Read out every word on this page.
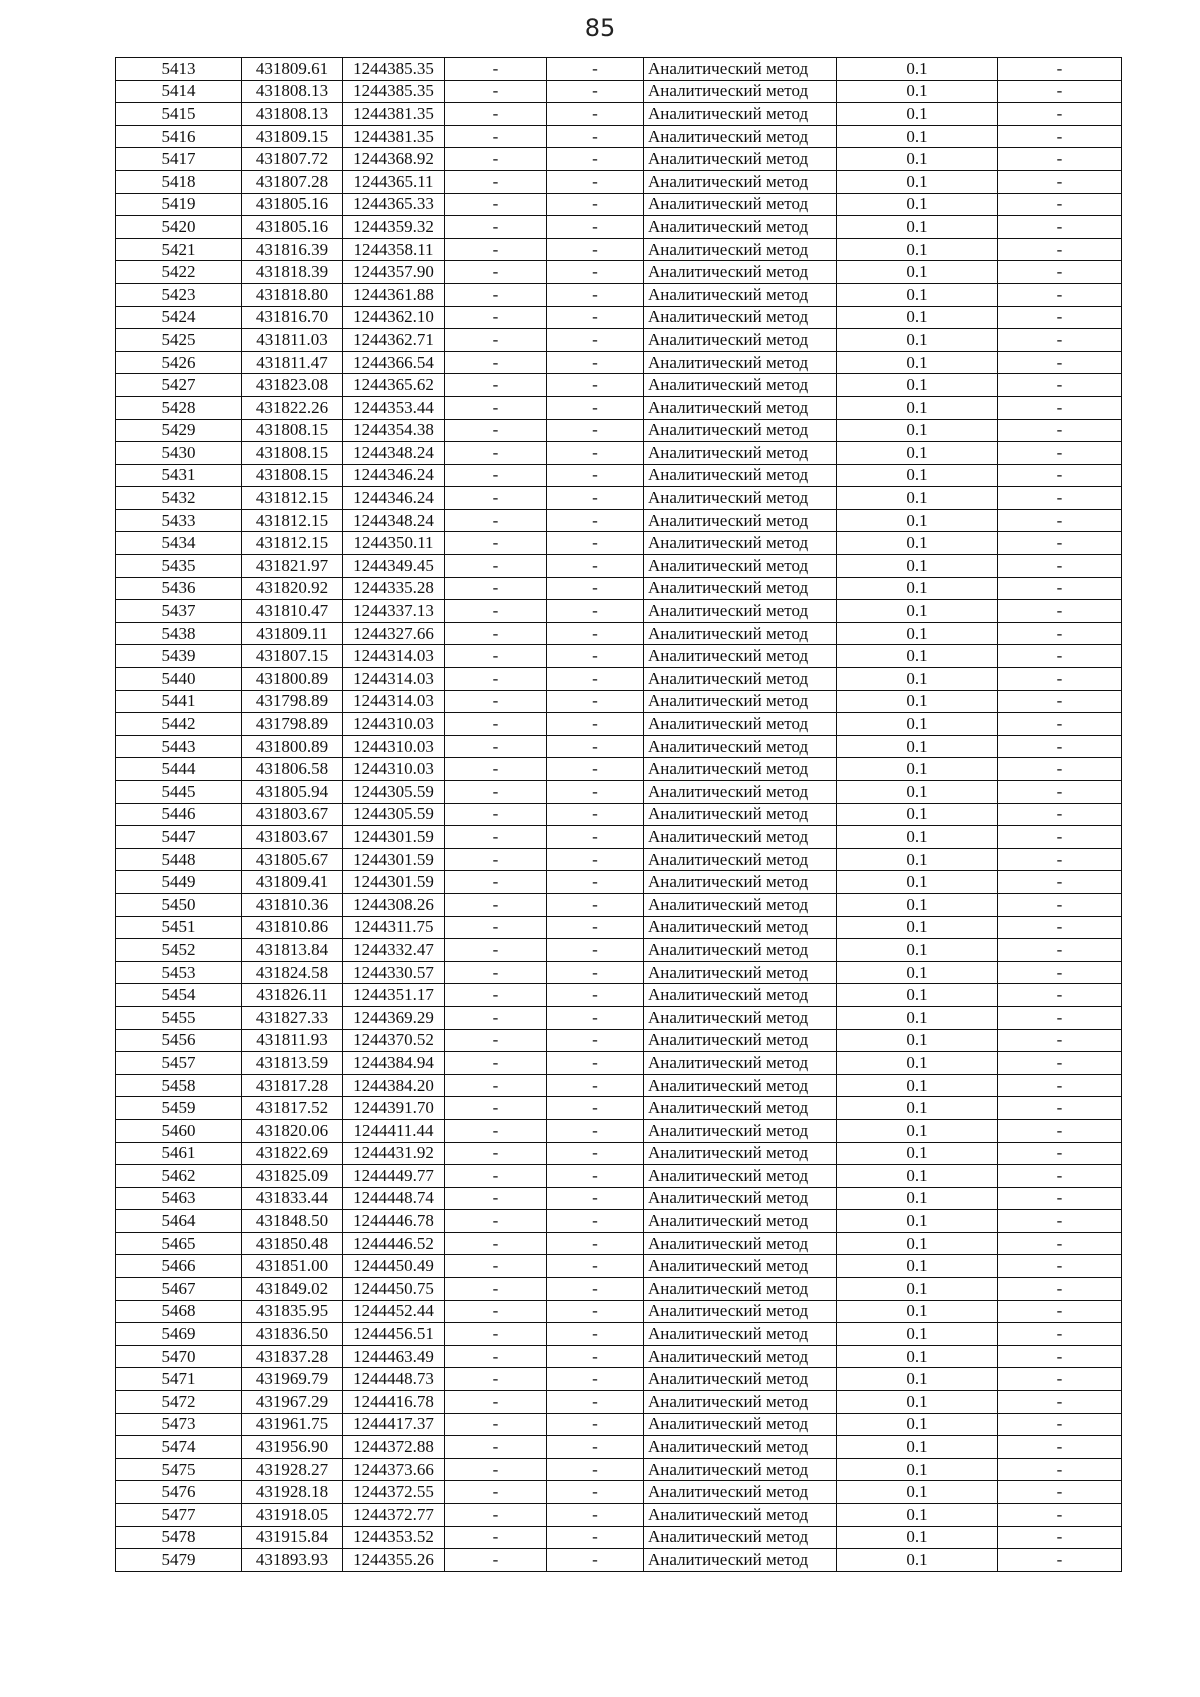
85
5413	431809.61	1244385.35	-	-	Аналитический метод	0.1	-
5414	431808.13	1244385.35	-	-	Аналитический метод	0.1	-
5415	431808.13	1244381.35	-	-	Аналитический метод	0.1	-
5416	431809.15	1244381.35	-	-	Аналитический метод	0.1	-
5417	431807.72	1244368.92	-	-	Аналитический метод	0.1	-
5418	431807.28	1244365.11	-	-	Аналитический метод	0.1	-
5419	431805.16	1244365.33	-	-	Аналитический метод	0.1	-
5420	431805.16	1244359.32	-	-	Аналитический метод	0.1	-
5421	431816.39	1244358.11	-	-	Аналитический метод	0.1	-
5422	431818.39	1244357.90	-	-	Аналитический метод	0.1	-
5423	431818.80	1244361.88	-	-	Аналитический метод	0.1	-
5424	431816.70	1244362.10	-	-	Аналитический метод	0.1	-
5425	431811.03	1244362.71	-	-	Аналитический метод	0.1	-
5426	431811.47	1244366.54	-	-	Аналитический метод	0.1	-
5427	431823.08	1244365.62	-	-	Аналитический метод	0.1	-
5428	431822.26	1244353.44	-	-	Аналитический метод	0.1	-
5429	431808.15	1244354.38	-	-	Аналитический метод	0.1	-
5430	431808.15	1244348.24	-	-	Аналитический метод	0.1	-
5431	431808.15	1244346.24	-	-	Аналитический метод	0.1	-
5432	431812.15	1244346.24	-	-	Аналитический метод	0.1	-
5433	431812.15	1244348.24	-	-	Аналитический метод	0.1	-
5434	431812.15	1244350.11	-	-	Аналитический метод	0.1	-
5435	431821.97	1244349.45	-	-	Аналитический метод	0.1	-
5436	431820.92	1244335.28	-	-	Аналитический метод	0.1	-
5437	431810.47	1244337.13	-	-	Аналитический метод	0.1	-
5438	431809.11	1244327.66	-	-	Аналитический метод	0.1	-
5439	431807.15	1244314.03	-	-	Аналитический метод	0.1	-
5440	431800.89	1244314.03	-	-	Аналитический метод	0.1	-
5441	431798.89	1244314.03	-	-	Аналитический метод	0.1	-
5442	431798.89	1244310.03	-	-	Аналитический метод	0.1	-
5443	431800.89	1244310.03	-	-	Аналитический метод	0.1	-
5444	431806.58	1244310.03	-	-	Аналитический метод	0.1	-
5445	431805.94	1244305.59	-	-	Аналитический метод	0.1	-
5446	431803.67	1244305.59	-	-	Аналитический метод	0.1	-
5447	431803.67	1244301.59	-	-	Аналитический метод	0.1	-
5448	431805.67	1244301.59	-	-	Аналитический метод	0.1	-
5449	431809.41	1244301.59	-	-	Аналитический метод	0.1	-
5450	431810.36	1244308.26	-	-	Аналитический метод	0.1	-
5451	431810.86	1244311.75	-	-	Аналитический метод	0.1	-
5452	431813.84	1244332.47	-	-	Аналитический метод	0.1	-
5453	431824.58	1244330.57	-	-	Аналитический метод	0.1	-
5454	431826.11	1244351.17	-	-	Аналитический метод	0.1	-
5455	431827.33	1244369.29	-	-	Аналитический метод	0.1	-
5456	431811.93	1244370.52	-	-	Аналитический метод	0.1	-
5457	431813.59	1244384.94	-	-	Аналитический метод	0.1	-
5458	431817.28	1244384.20	-	-	Аналитический метод	0.1	-
5459	431817.52	1244391.70	-	-	Аналитический метод	0.1	-
5460	431820.06	1244411.44	-	-	Аналитический метод	0.1	-
5461	431822.69	1244431.92	-	-	Аналитический метод	0.1	-
5462	431825.09	1244449.77	-	-	Аналитический метод	0.1	-
5463	431833.44	1244448.74	-	-	Аналитический метод	0.1	-
5464	431848.50	1244446.78	-	-	Аналитический метод	0.1	-
5465	431850.48	1244446.52	-	-	Аналитический метод	0.1	-
5466	431851.00	1244450.49	-	-	Аналитический метод	0.1	-
5467	431849.02	1244450.75	-	-	Аналитический метод	0.1	-
5468	431835.95	1244452.44	-	-	Аналитический метод	0.1	-
5469	431836.50	1244456.51	-	-	Аналитический метод	0.1	-
5470	431837.28	1244463.49	-	-	Аналитический метод	0.1	-
5471	431969.79	1244448.73	-	-	Аналитический метод	0.1	-
5472	431967.29	1244416.78	-	-	Аналитический метод	0.1	-
5473	431961.75	1244417.37	-	-	Аналитический метод	0.1	-
5474	431956.90	1244372.88	-	-	Аналитический метод	0.1	-
5475	431928.27	1244373.66	-	-	Аналитический метод	0.1	-
5476	431928.18	1244372.55	-	-	Аналитический метод	0.1	-
5477	431918.05	1244372.77	-	-	Аналитический метод	0.1	-
5478	431915.84	1244353.52	-	-	Аналитический метод	0.1	-
5479	431893.93	1244355.26	-	-	Аналитический метод	0.1	-
